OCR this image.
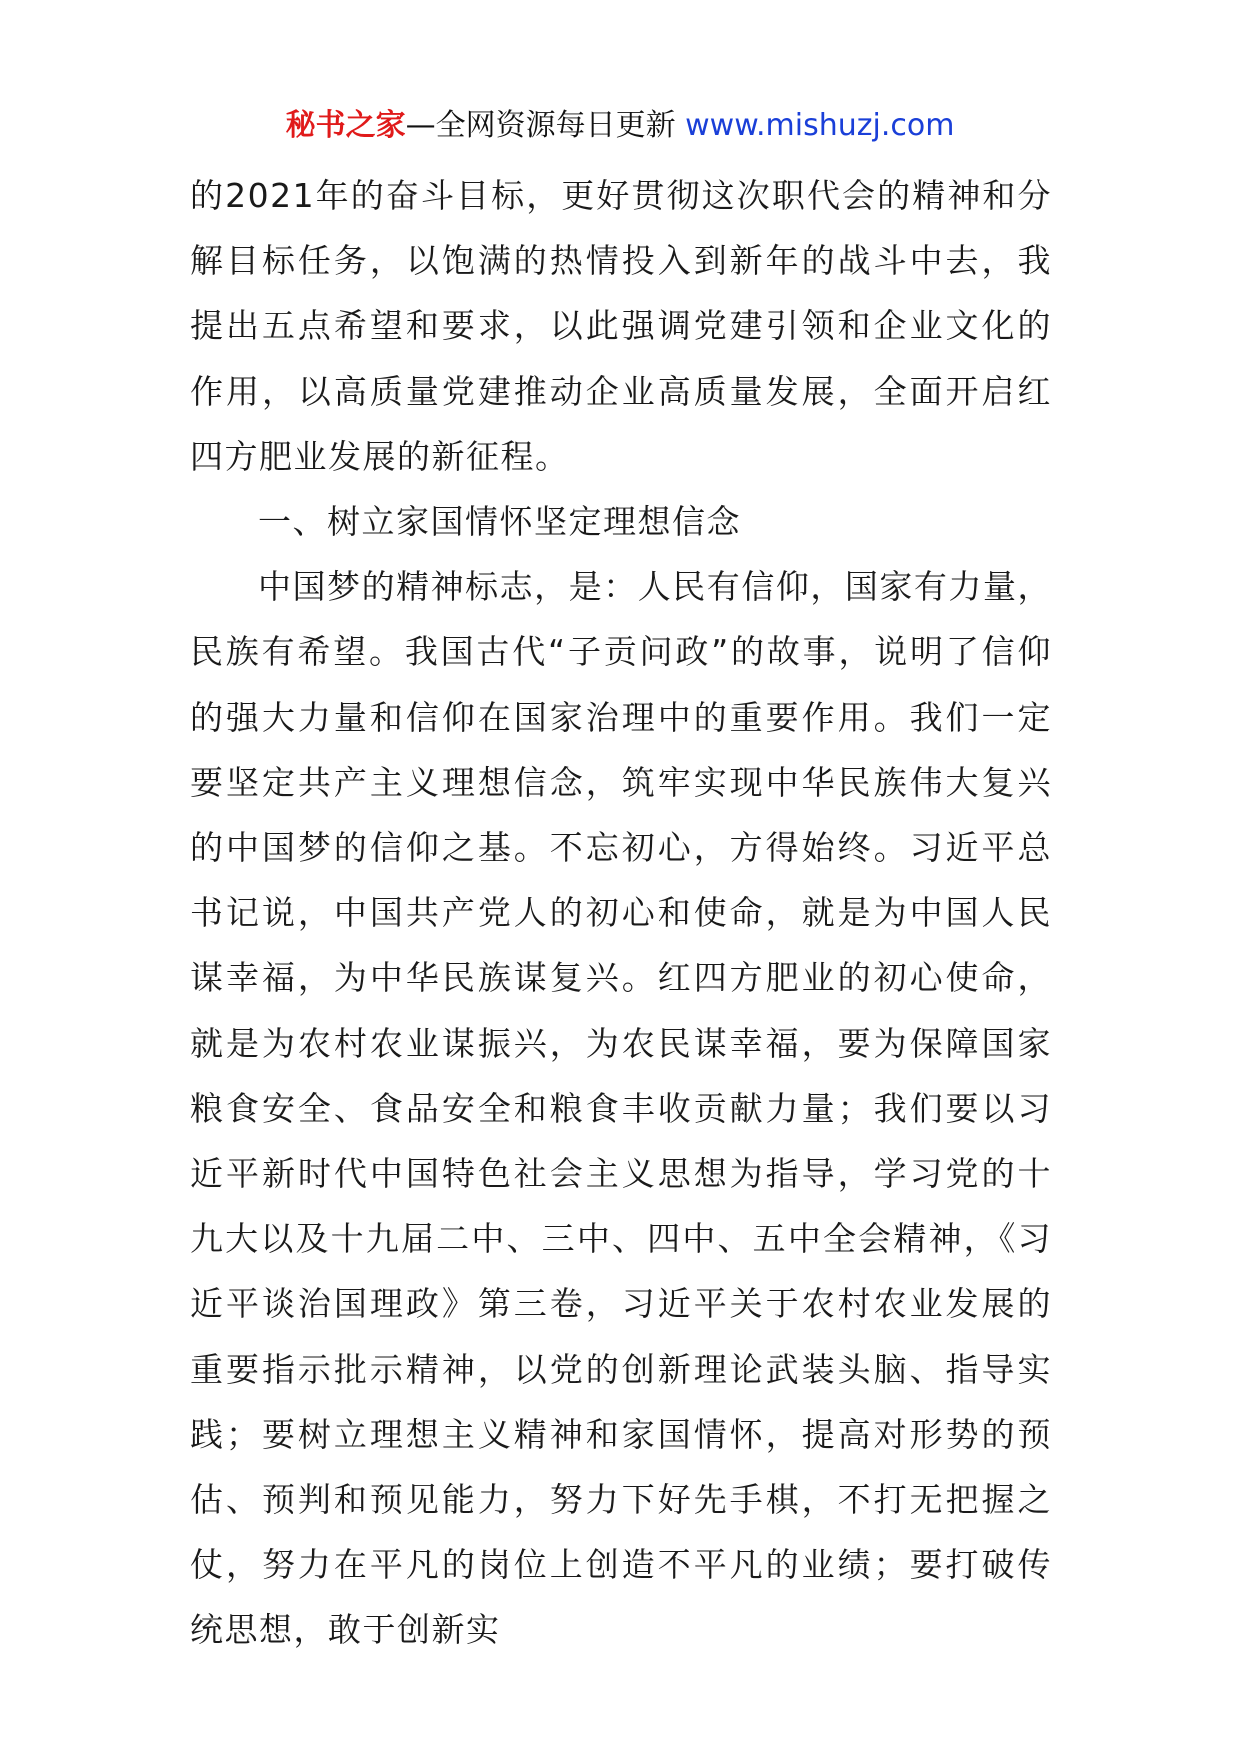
秘书之家—全网资源每日更新 www.mishuzj.com

的2021年的奋斗目标，更好贯彻这次职代会的精神和分解目标任务，以饱满的热情投入到新年的战斗中去，我提出五点希望和要求，以此强调党建引领和企业文化的作用，以高质量党建推动企业高质量发展，全面开启红四方肥业发展的新征程。

一、树立家国情怀坚定理想信念

中国梦的精神标志，是：人民有信仰，国家有力量，民族有希望。我国古代“子贡问政”的故事，说明了信仰的强大力量和信仰在国家治理中的重要作用。我们一定要坚定共产主义理想信念，筑牢实现中华民族伟大复兴的中国梦的信仰之基。不忘初心，方得始终。习近平总书记说，中国共产党人的初心和使命，就是为中国人民谋幸福，为中华民族谋复兴。红四方肥业的初心使命，就是为农村农业谋振兴，为农民谋幸福，要为保障国家粮食安全、食品安全和粮食丰收贡献力量；我们要以习近平新时代中国特色社会主义思想为指导，学习党的十九大以及十九届二中、三中、四中、五中全会精神，《习近平谈治国理政》第三卷，习近平关于农村农业发展的重要指示批示精神，以党的创新理论武装头脑、指导实践；要树立理想主义精神和家国情怀，提高对形势的预估、预判和预见能力，努力下好先手棋，不打无把握之仗，努力在平凡的岗位上创造不平凡的业绩；要打破传统思想，敢于创新实
